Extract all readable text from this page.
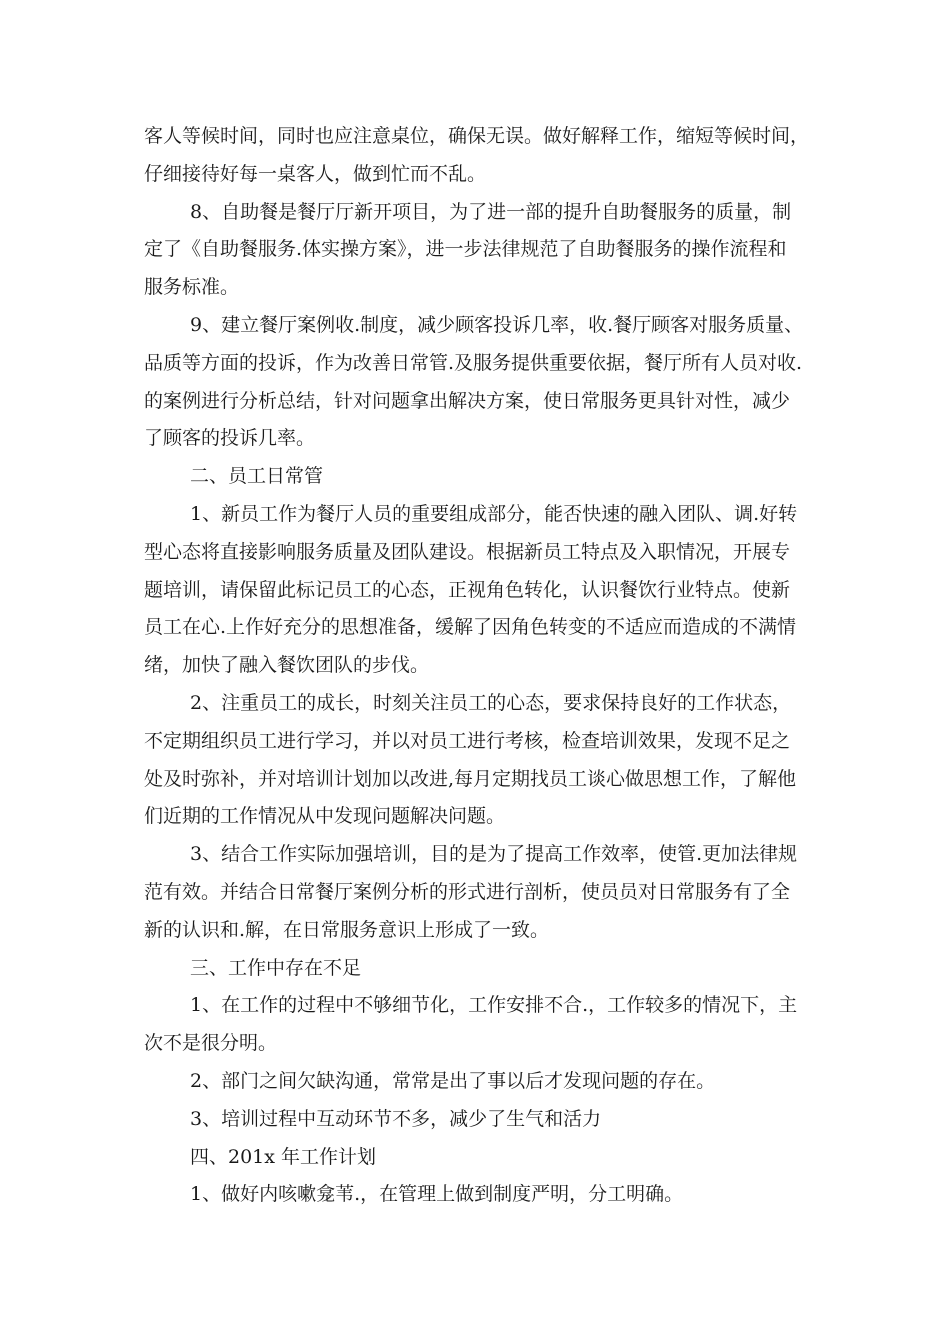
客人等候时间，同时也应注意桌位，确保无误。做好解释工作，缩短等候时间，
仔细接待好每一桌客人，做到忙而不乱。
8、自助餐是餐厅厅新开项目，为了进一部的提升自助餐服务的质量，制
定了《自助餐服务.体实操方案》，进一步法律规范了自助餐服务的操作流程和
服务标准。
9、建立餐厅案例收.制度，减少顾客投诉几率，收.餐厅顾客对服务质量、
品质等方面的投诉，作为改善日常管.及服务提供重要依据，餐厅所有人员对收.
的案例进行分析总结，针对问题拿出解决方案，使日常服务更具针对性，减少
了顾客的投诉几率。
二、员工日常管
1、新员工作为餐厅人员的重要组成部分，能否快速的融入团队、调.好转
型心态将直接影响服务质量及团队建设。根据新员工特点及入职情况，开展专
题培训，请保留此标记员工的心态，正视角色转化，认识餐饮行业特点。使新
员工在心.上作好充分的思想准备，缓解了因角色转变的不适应而造成的不满情
绪，加快了融入餐饮团队的步伐。
2、注重员工的成长，时刻关注员工的心态，要求保持良好的工作状态，
不定期组织员工进行学习，并以对员工进行考核，检查培训效果，发现不足之
处及时弥补，并对培训计划加以改进,每月定期找员工谈心做思想工作，了解他
们近期的工作情况从中发现问题解决问题。
3、结合工作实际加强培训，目的是为了提高工作效率，使管.更加法律规
范有效。并结合日常餐厅案例分析的形式进行剖析，使员员对日常服务有了全
新的认识和.解，在日常服务意识上形成了一致。
三、工作中存在不足
1、在工作的过程中不够细节化，工作安排不合.，工作较多的情况下，主
次不是很分明。
2、部门之间欠缺沟通，常常是出了事以后才发现问题的存在。
3、培训过程中互动环节不多，减少了生气和活力
四、201x 年工作计划
1、做好内咳嗽龛苇.，在管理上做到制度严明，分工明确。
